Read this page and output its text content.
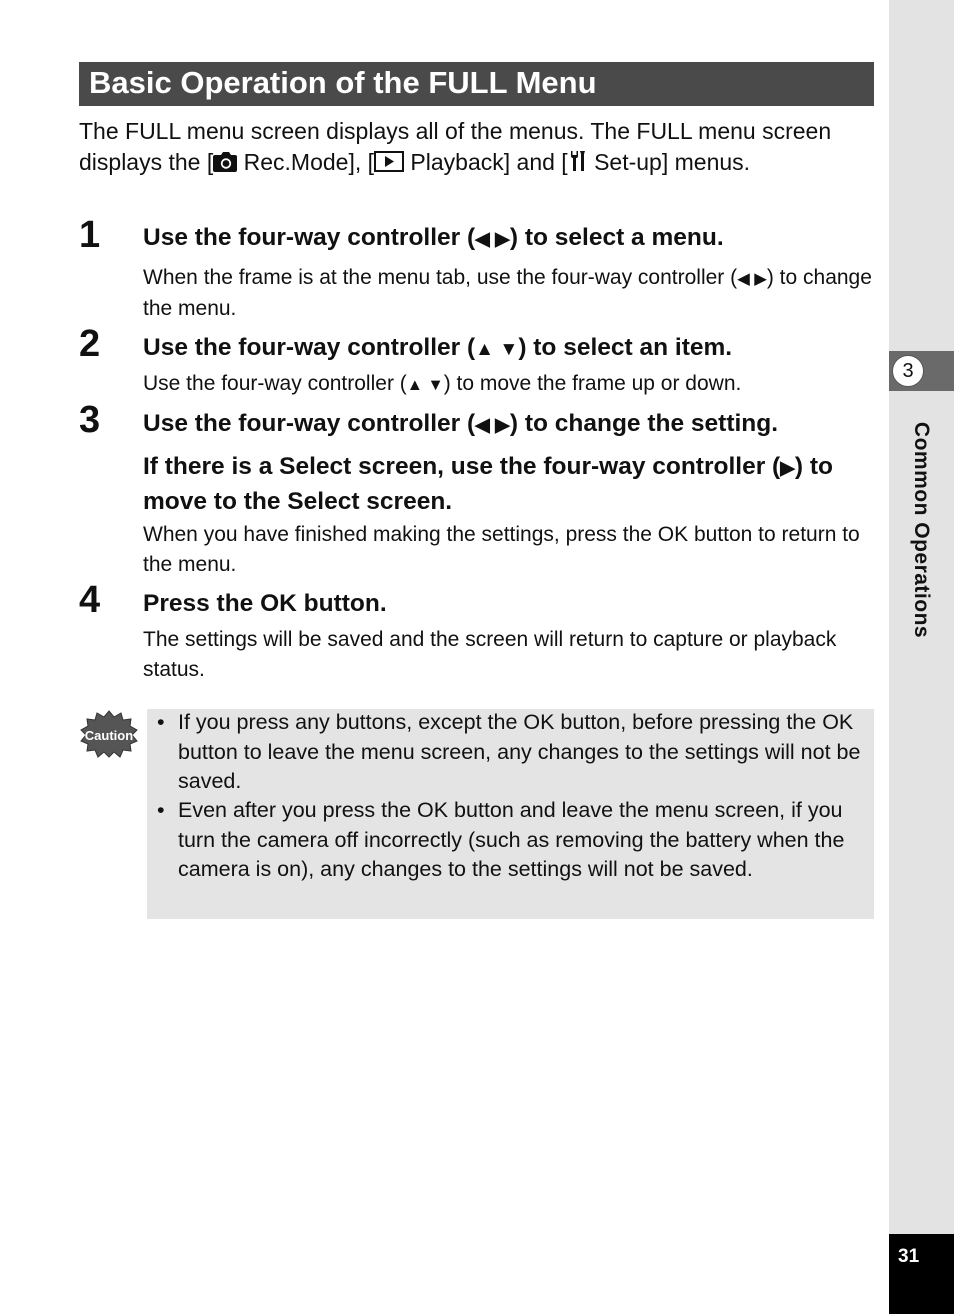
3
Common Operations
31
Basic Operation of the FULL Menu
The FULL menu screen displays all of the menus. The FULL menu screen displays the [ Rec.Mode], [ Playback] and [ Set-up] menus.
1 Use the four-way controller (◀ ▶) to select a menu.
When the frame is at the menu tab, use the four-way controller (◀ ▶) to change the menu.
2 Use the four-way controller (▲ ▼) to select an item.
Use the four-way controller (▲ ▼) to move the frame up or down.
3 Use the four-way controller (◀ ▶) to change the setting.
If there is a Select screen, use the four-way controller (▶) to move to the Select screen.
When you have finished making the settings, press the OK button to return to the menu.
4 Press the OK button.
The settings will be saved and the screen will return to capture or playback status.
Caution
• If you press any buttons, except the OK button, before pressing the OK button to leave the menu screen, any changes to the settings will not be saved.
• Even after you press the OK button and leave the menu screen, if you turn the camera off incorrectly (such as removing the battery when the camera is on), any changes to the settings will not be saved.
